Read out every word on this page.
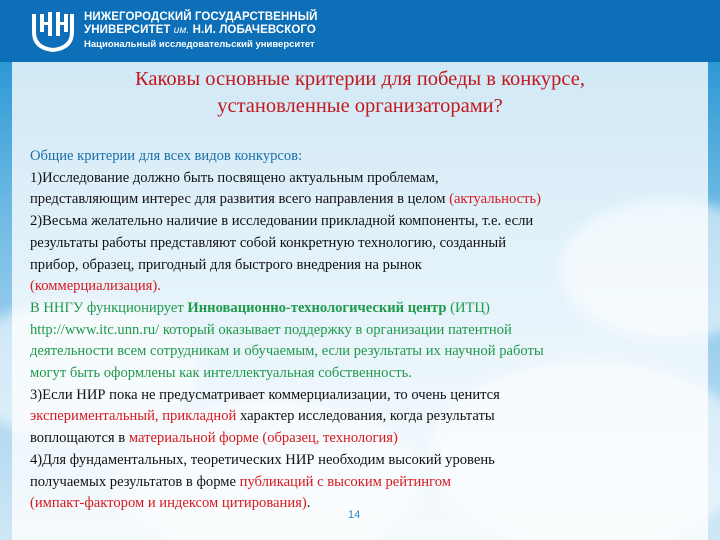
НИЖЕГОРОДСКИЙ ГОСУДАРСТВЕННЫЙ
УНИВЕРСИТЕТ им. Н.И. ЛОБАЧЕВСКОГО
Национальный исследовательский университет
Каковы основные критерии для победы в конкурсе,
установленные организаторами?
Общие критерии для всех видов конкурсов:
1)Исследование должно быть посвящено актуальным проблемам,
представляющим интерес для развития всего направления в целом (актуальность)
2)Весьма желательно наличие в исследовании прикладной компоненты, т.е. если
результаты работы представляют собой конкретную технологию, созданный
прибор, образец, пригодный для быстрого внедрения на рынок
(коммерциализация).
В ННГУ функционирует Инновационно-технологический центр (ИТЦ)
http://www.itc.unn.ru/ который оказывает поддержку в организации патентной
деятельности всем сотрудникам и обучаемым, если результаты их научной работы
могут быть оформлены как интеллектуальная собственность.
3)Если НИР пока не предусматривает коммерциализации, то очень ценится
экспериментальный, прикладной характер исследования, когда результаты
воплощаются в материальной форме (образец, технология)
4)Для фундаментальных, теоретических НИР необходим высокий уровень
получаемых результатов в форме публикаций с высоким рейтингом
(импакт-фактором и индексом цитирования).
14
